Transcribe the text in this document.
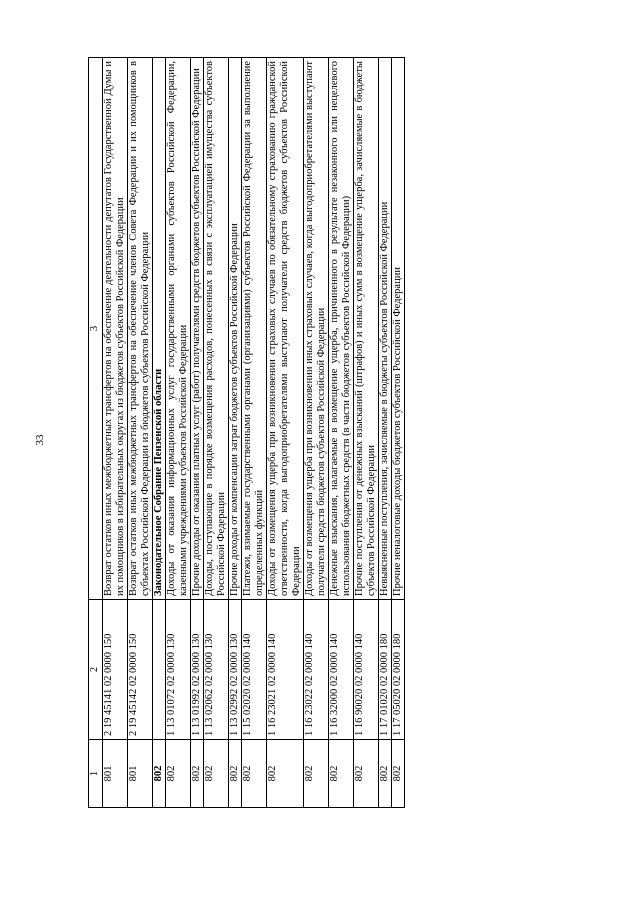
33
1	2	3
801	2 19 45141 02 0000 150	Возврат остатков иных межбюджетных трансфертов на обеспечение деятельности депутатов Государственной Думы и их помощников в избирательных округах из бюджетов субъектов Российской Федерации
801	2 19 45142 02 0000 150	Возврат остатков иных межбюджетных трансфертов на обеспечение членов Совета Федерации и их помощников в субъектах Российской Федерации из бюджетов субъектов Российской Федерации
802		Законодательное Собрание Пензенской области
802	1 13 01072 02 0000 130	Доходы от оказания информационных услуг государственными органами субъектов Российской Федерации, казенными учреждениями субъектов Российской Федерации
802	1 13 01992 02 0000 130	Прочие доходы от оказания платных услуг (работ) получателями средств бюджетов субъектов Российской Федерации
802	1 13 02062 02 0000 130	Доходы, поступающие в порядке возмещения расходов, понесенных в связи с эксплуатацией имущества субъектов Российской Федерации
802	1 13 02992 02 0000 130	Прочие доходы от компенсации затрат бюджетов субъектов Российской Федерации
802	1 15 02020 02 0000 140	Платежи, взимаемые государственными органами (организациями) субъектов Российской Федерации за выполнение определенных функций
802	1 16 23021 02 0000 140	Доходы от возмещения ущерба при возникновении страховых случаев по обязательному страхованию гражданской ответственности, когда выгодоприобретателями выступают получатели средств бюджетов субъектов Российской Федерации
802	1 16 23022 02 0000 140	Доходы от возмещения ущерба при возникновении иных страховых случаев, когда выгодоприобретателями выступают получатели средств бюджетов субъектов Российской Федерации
802	1 16 32000 02 0000 140	Денежные взыскания, налагаемые в возмещение ущерба, причиненного в результате незаконного или нецелевого использования бюджетных средств (в части бюджетов субъектов Российской Федерации)
802	1 16 90020 02 0000 140	Прочие поступления от денежных взысканий (штрафов) и иных сумм в возмещение ущерба, зачисляемые в бюджеты субъектов Российской Федерации
802	1 17 01020 02 0000 180	Невыясненные поступления, зачисляемые в бюджеты субъектов Российской Федерации
802	1 17 05020 02 0000 180	Прочие неналоговые доходы бюджетов субъектов Российской Федерации
